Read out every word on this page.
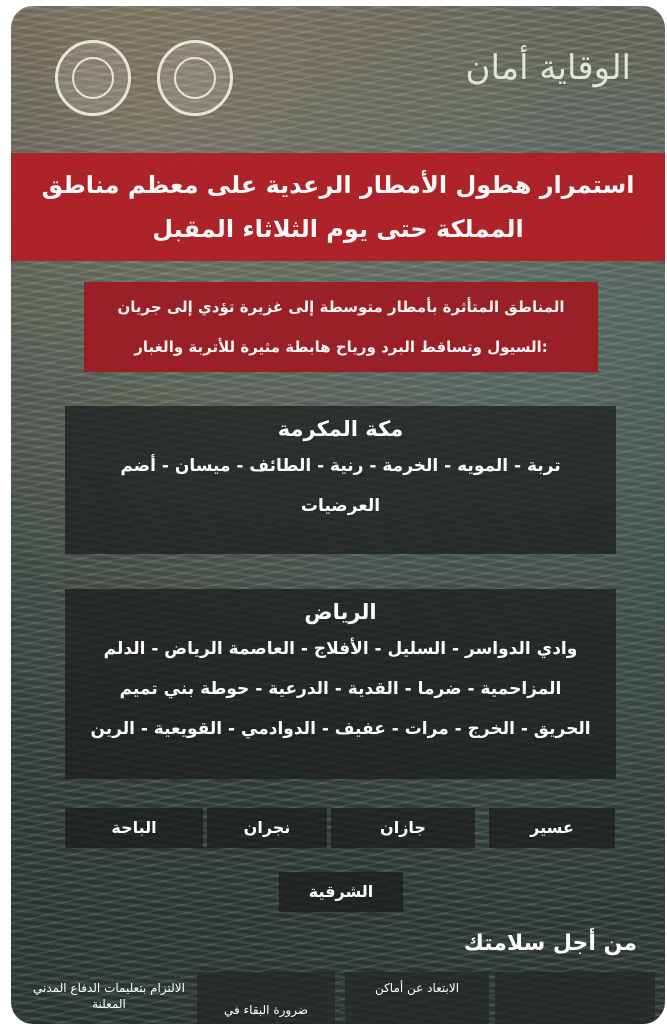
الوقاية أمان
استمرار هطول الأمطار الرعدية على معظم مناطق
المملكة حتى يوم الثلاثاء المقبل
المناطق المتأثرة بأمطار متوسطة إلى غزيرة تؤدي إلى جريان
السيول وتساقط البرد ورياح هابطة مثيرة للأتربة والغبار:
مكة المكرمة
تربة - المويه - الخرمة - رنية - الطائف - ميسان - أضم
العرضيات
الرياض
وادي الدواسر - السليل - الأفلاج - العاصمة الرياض - الدلم
المزاحمية - ضرما - القدية - الدرعية - حوطة بني تميم
الحريق - الخرج - مرات - عفيف - الدوادمي - القويعية - الرين
عسير
جازان
نجران
الباحة
الشرقية
من أجل سلامتك
الالتزام بتعليمات الدفاع المدني المعلنة	ضرورة البقاء في
الابتعاد عن أماكن
